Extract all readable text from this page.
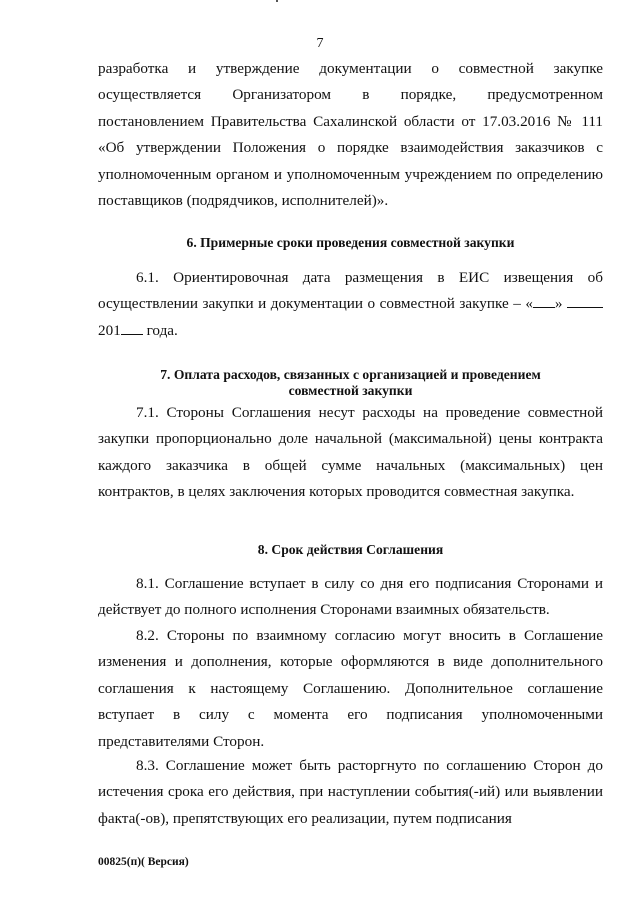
7
разработка и утверждение документации о совместной закупке осуществляется Организатором в порядке, предусмотренном постановлением Правительства Сахалинской области от 17.03.2016 № 111 «Об утверждении Положения о порядке взаимодействия заказчиков с уполномоченным органом и уполномоченным учреждением по определению поставщиков (подрядчиков, исполнителей)».
6. Примерные сроки проведения совместной закупки
6.1. Ориентировочная дата размещения в ЕИС извещения об осуществлении закупки и документации о совместной закупке – « »  201 года.
7. Оплата расходов, связанных с организацией и проведением
совместной закупки
7.1. Стороны Соглашения несут расходы на проведение совместной закупки пропорционально доле начальной (максимальной) цены контракта каждого заказчика в общей сумме начальных (максимальных) цен контрактов, в целях заключения которых проводится совместная закупка.
8. Срок действия Соглашения
8.1. Соглашение вступает в силу со дня его подписания Сторонами и действует до полного исполнения Сторонами взаимных обязательств.
8.2. Стороны по взаимному согласию могут вносить в Соглашение изменения и дополнения, которые оформляются в виде дополнительного соглашения к настоящему Соглашению. Дополнительное соглашение вступает в силу с момента его подписания уполномоченными представителями Сторон.
8.3. Соглашение может быть расторгнуто по соглашению Сторон до истечения срока его действия, при наступлении события(-ий) или выявлении факта(-ов), препятствующих его реализации, путем подписания
00825(п)( Версия)
